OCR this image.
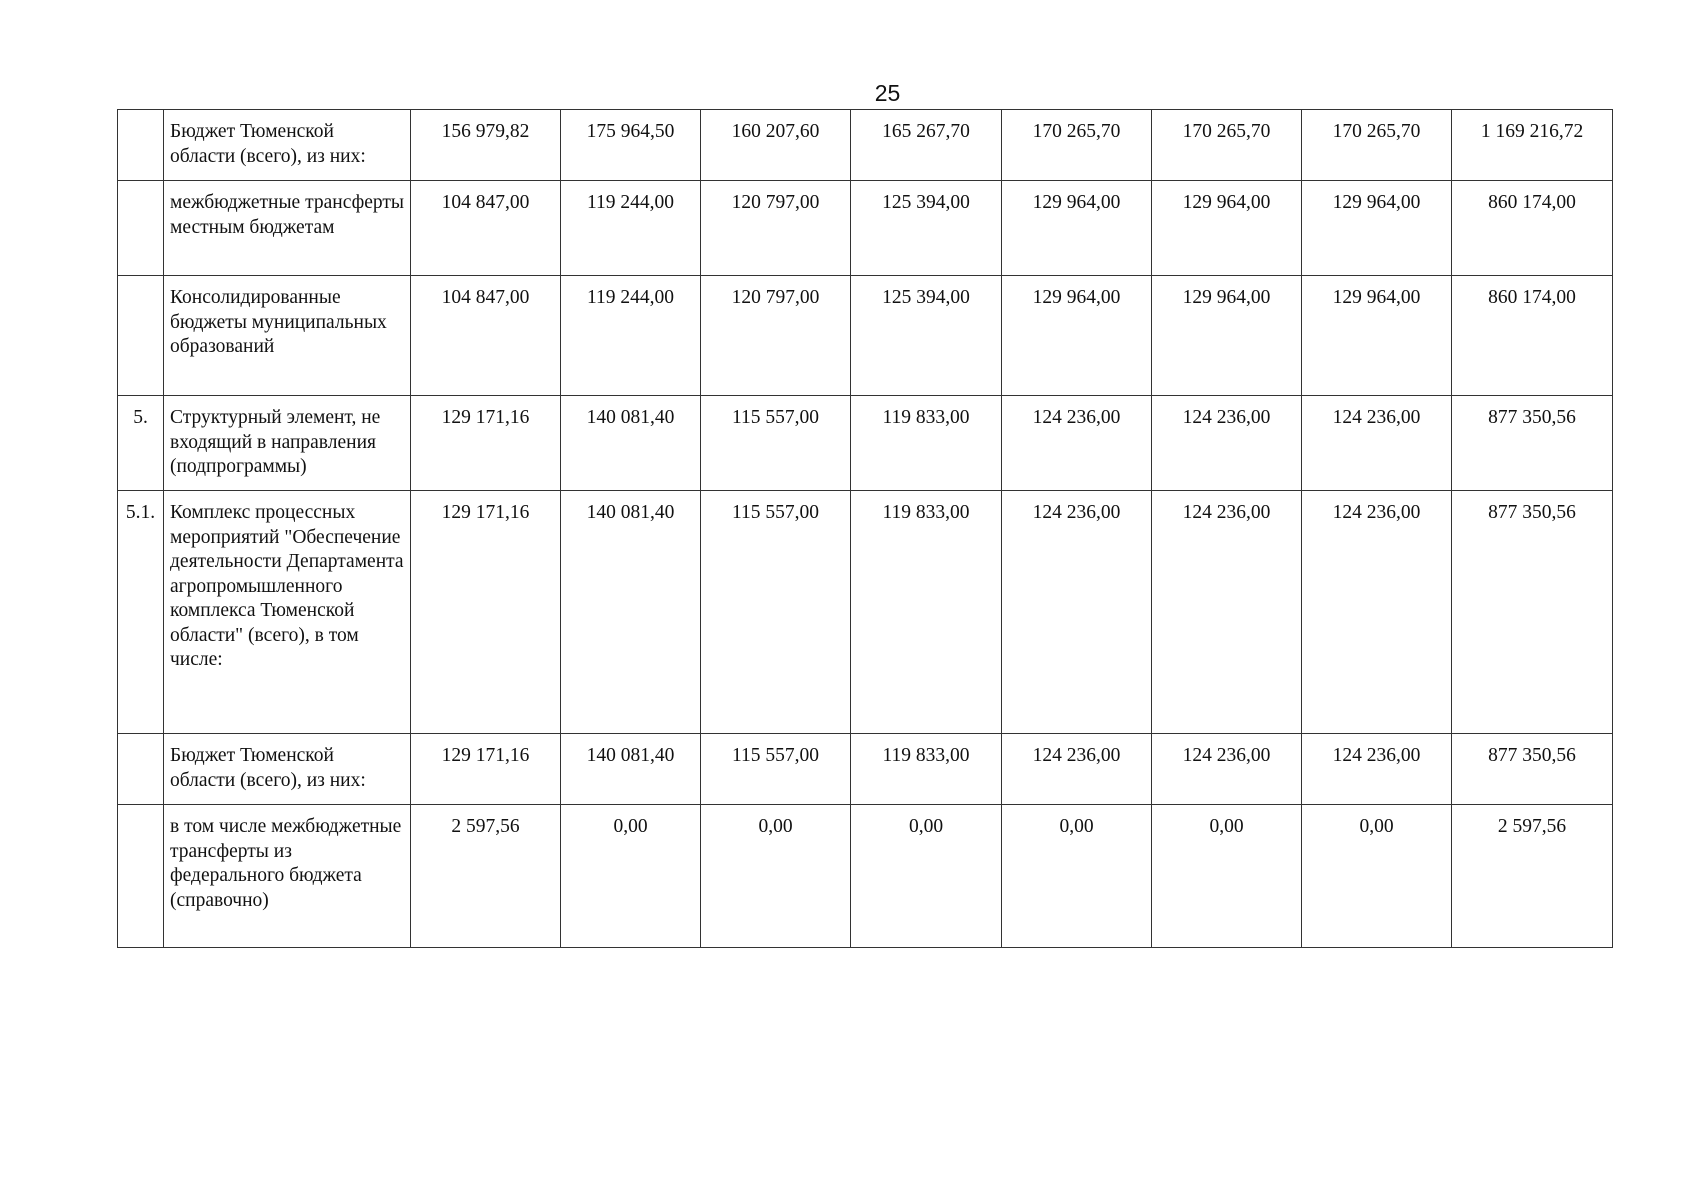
25
	Бюджет Тюменской области (всего), из них:	156 979,82	175 964,50	160 207,60	165 267,70	170 265,70	170 265,70	170 265,70	1 169 216,72
	межбюджетные трансферты местным бюджетам	104 847,00	119 244,00	120 797,00	125 394,00	129 964,00	129 964,00	129 964,00	860 174,00
	Консолидированные бюджеты муниципальных образований	104 847,00	119 244,00	120 797,00	125 394,00	129 964,00	129 964,00	129 964,00	860 174,00
5.	Структурный элемент, не входящий в направления (подпрограммы)	129 171,16	140 081,40	115 557,00	119 833,00	124 236,00	124 236,00	124 236,00	877 350,56
5.1.	Комплекс процессных мероприятий "Обеспечение деятельности Департамента агропромышленного комплекса Тюменской области" (всего), в том числе:	129 171,16	140 081,40	115 557,00	119 833,00	124 236,00	124 236,00	124 236,00	877 350,56
	Бюджет Тюменской области (всего), из них:	129 171,16	140 081,40	115 557,00	119 833,00	124 236,00	124 236,00	124 236,00	877 350,56
	в том числе межбюджетные трансферты из федерального бюджета (справочно)	2 597,56	0,00	0,00	0,00	0,00	0,00	0,00	2 597,56
